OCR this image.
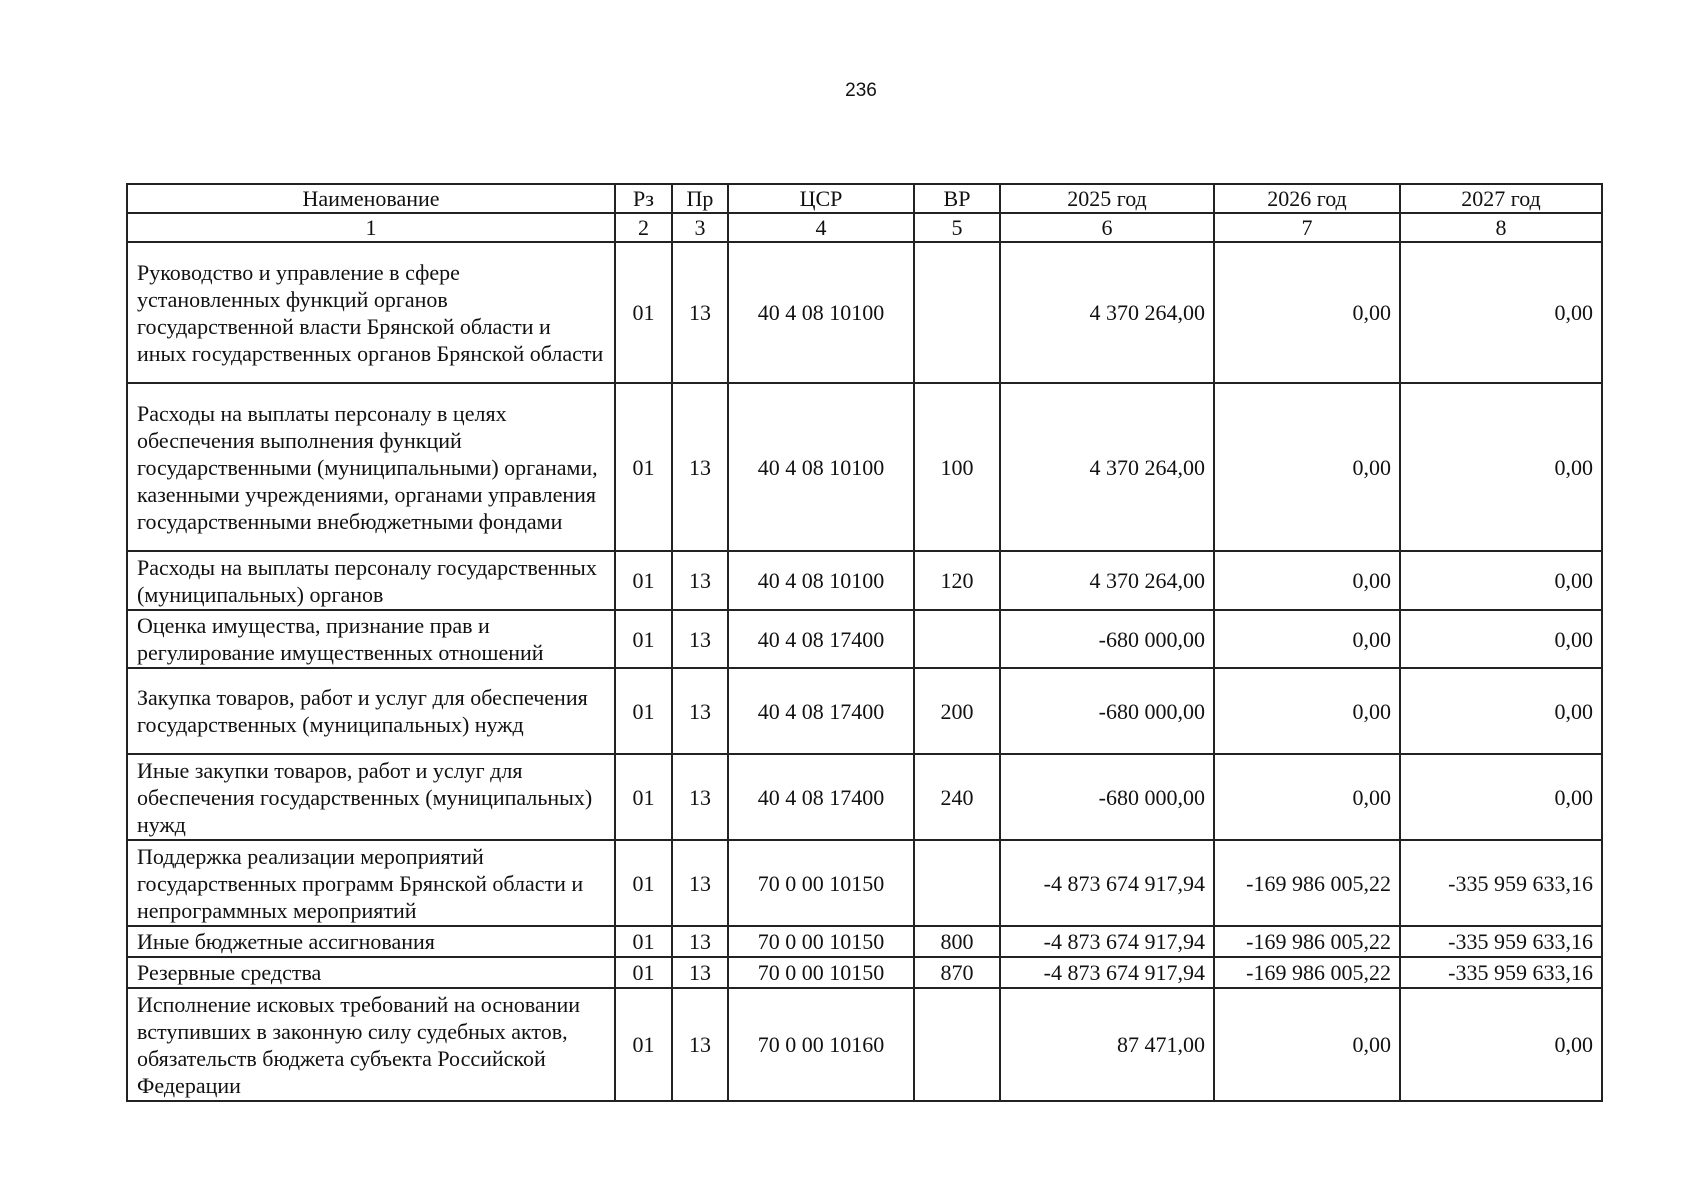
236
Наименование	Рз	Пр	ЦСР	ВР	2025 год	2026 год	2027 год
1	2	3	4	5	6	7	8
Руководство и управление в сфере установленных функций органов государственной власти Брянской области и иных государственных органов Брянской области	01	13	40 4 08 10100		4 370 264,00	0,00	0,00
Расходы на выплаты персоналу в целях обеспечения выполнения функций государственными (муниципальными) органами, казенными учреждениями, органами управления государственными внебюджетными фондами	01	13	40 4 08 10100	100	4 370 264,00	0,00	0,00
Расходы на выплаты персоналу государственных (муниципальных) органов	01	13	40 4 08 10100	120	4 370 264,00	0,00	0,00
Оценка имущества, признание прав и регулирование имущественных отношений	01	13	40 4 08 17400		-680 000,00	0,00	0,00
Закупка товаров, работ и услуг для обеспечения государственных (муниципальных) нужд	01	13	40 4 08 17400	200	-680 000,00	0,00	0,00
Иные закупки товаров, работ и услуг для обеспечения государственных (муниципальных) нужд	01	13	40 4 08 17400	240	-680 000,00	0,00	0,00
Поддержка реализации мероприятий государственных программ Брянской области и непрограммных мероприятий	01	13	70 0 00 10150		-4 873 674 917,94	-169 986 005,22	-335 959 633,16
Иные бюджетные ассигнования	01	13	70 0 00 10150	800	-4 873 674 917,94	-169 986 005,22	-335 959 633,16
Резервные средства	01	13	70 0 00 10150	870	-4 873 674 917,94	-169 986 005,22	-335 959 633,16
Исполнение исковых требований на основании вступивших в законную силу судебных актов, обязательств бюджета субъекта Российской Федерации	01	13	70 0 00 10160		87 471,00	0,00	0,00
